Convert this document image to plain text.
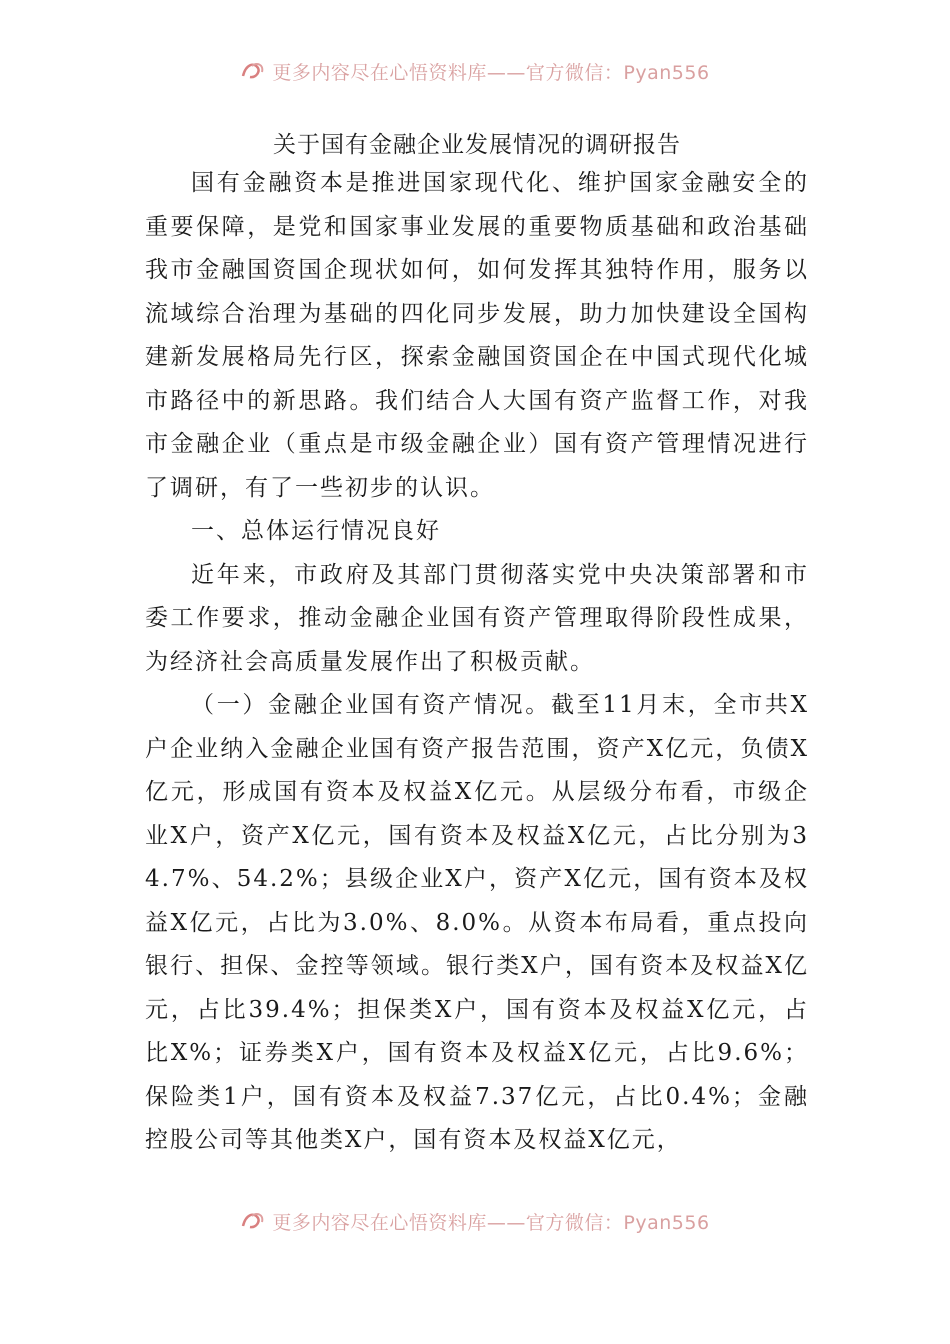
更多内容尽在心悟资料库——官方微信：Pyan556

关于国有金融企业发展情况的调研报告

国有金融资本是推进国家现代化、维护国家金融安全的重要保障，是党和国家事业发展的重要物质基础和政治基础我市金融国资国企现状如何，如何发挥其独特作用，服务以流域综合治理为基础的四化同步发展，助力加快建设全国构建新发展格局先行区，探索金融国资国企在中国式现代化城市路径中的新思路。我们结合人大国有资产监督工作，对我市金融企业（重点是市级金融企业）国有资产管理情况进行了调研，有了一些初步的认识。

一、总体运行情况良好

近年来，市政府及其部门贯彻落实党中央决策部署和市委工作要求，推动金融企业国有资产管理取得阶段性成果，为经济社会高质量发展作出了积极贡献。

（一）金融企业国有资产情况。截至11月末，全市共X户企业纳入金融企业国有资产报告范围，资产X亿元，负债X亿元，形成国有资本及权益X亿元。从层级分布看，市级企业X户，资产X亿元，国有资本及权益X亿元，占比分别为34.7%、54.2%；县级企业X户，资产X亿元，国有资本及权益X亿元，占比为3.0%、8.0%。从资本布局看，重点投向银行、担保、金控等领域。银行类X户，国有资本及权益X亿元，占比39.4%；担保类X户，国有资本及权益X亿元，占比X%；证券类X户，国有资本及权益X亿元，占比9.6%；保险类1户，国有资本及权益7.37亿元，占比0.4%；金融控股公司等其他类X户，国有资本及权益X亿元，

更多内容尽在心悟资料库——官方微信：Pyan556
